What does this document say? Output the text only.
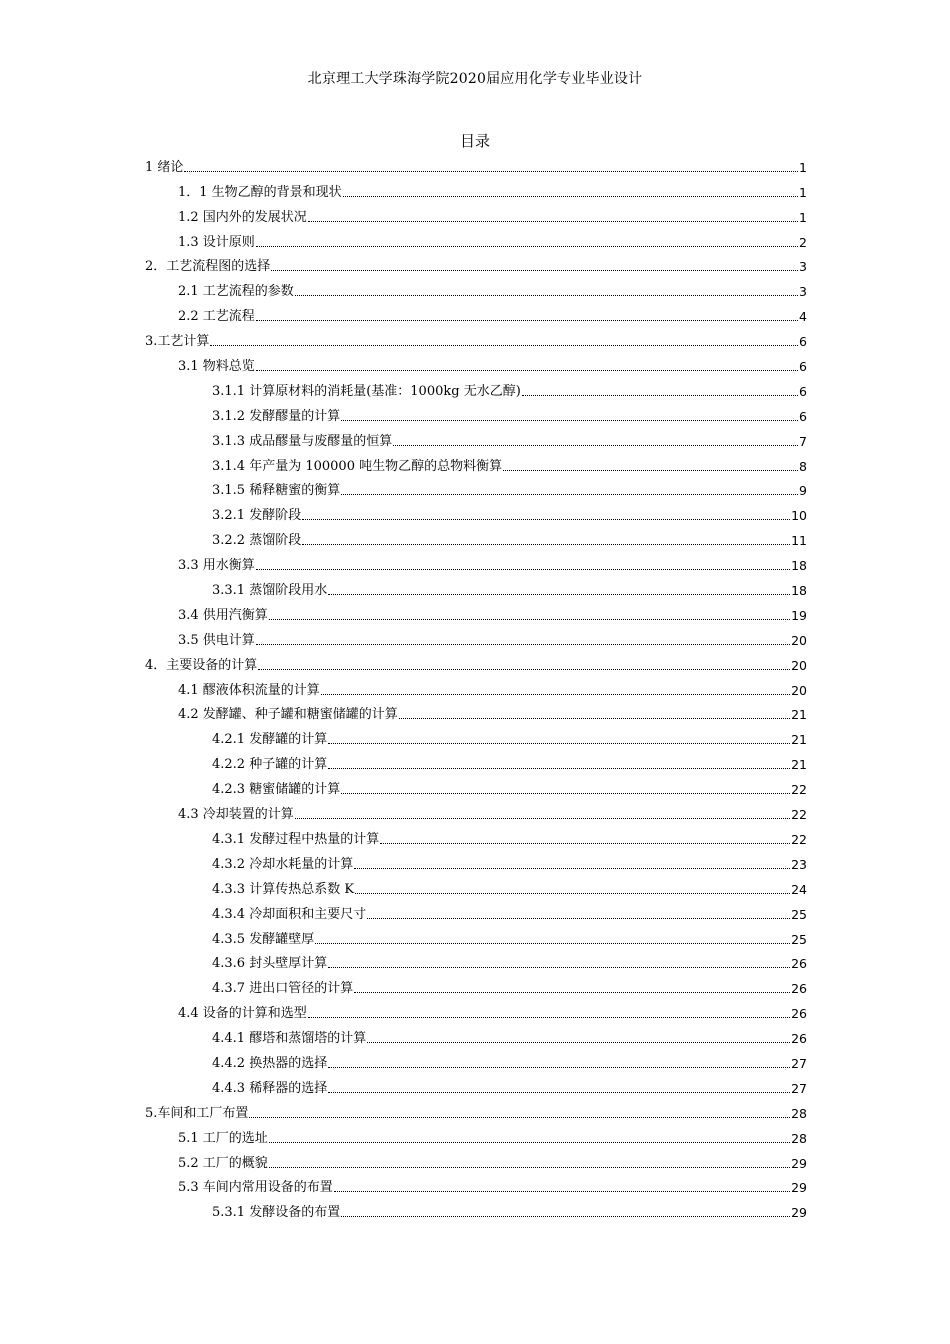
北京理工大学珠海学院2020届应用化学专业毕业设计
目录
1 绪论	1
1．1 生物乙醇的背景和现状	1
1.2 国内外的发展状况	1
1.3 设计原则	2
2．工艺流程图的选择	3
2.1 工艺流程的参数	3
2.2 工艺流程	4
3.工艺计算	6
3.1 物料总览	6
3.1.1 计算原材料的消耗量(基准：1000kg 无水乙醇)	6
3.1.2 发酵醪量的计算	6
3.1.3 成品醪量与废醪量的恒算	7
3.1.4 年产量为 100000 吨生物乙醇的总物料衡算	8
3.1.5 稀释糖蜜的衡算	9
3.2.1 发酵阶段	10
3.2.2 蒸馏阶段	11
3.3 用水衡算	18
3.3.1 蒸馏阶段用水	18
3.4 供用汽衡算	19
3.5 供电计算	20
4．主要设备的计算	20
4.1 醪液体积流量的计算	20
4.2 发酵罐、种子罐和糖蜜储罐的计算	21
4.2.1 发酵罐的计算	21
4.2.2 种子罐的计算	21
4.2.3 糖蜜储罐的计算	22
4.3 冷却装置的计算	22
4.3.1 发酵过程中热量的计算	22
4.3.2 冷却水耗量的计算	23
4.3.3 计算传热总系数 K	24
4.3.4 冷却面积和主要尺寸	25
4.3.5 发酵罐壁厚	25
4.3.6 封头壁厚计算	26
4.3.7 进出口管径的计算	26
4.4 设备的计算和选型	26
4.4.1 醪塔和蒸馏塔的计算	26
4.4.2 换热器的选择	27
4.4.3 稀释器的选择	27
5.车间和工厂布置	28
5.1 工厂的选址	28
5.2 工厂的概貌	29
5.3 车间内常用设备的布置	29
5.3.1 发酵设备的布置	29
